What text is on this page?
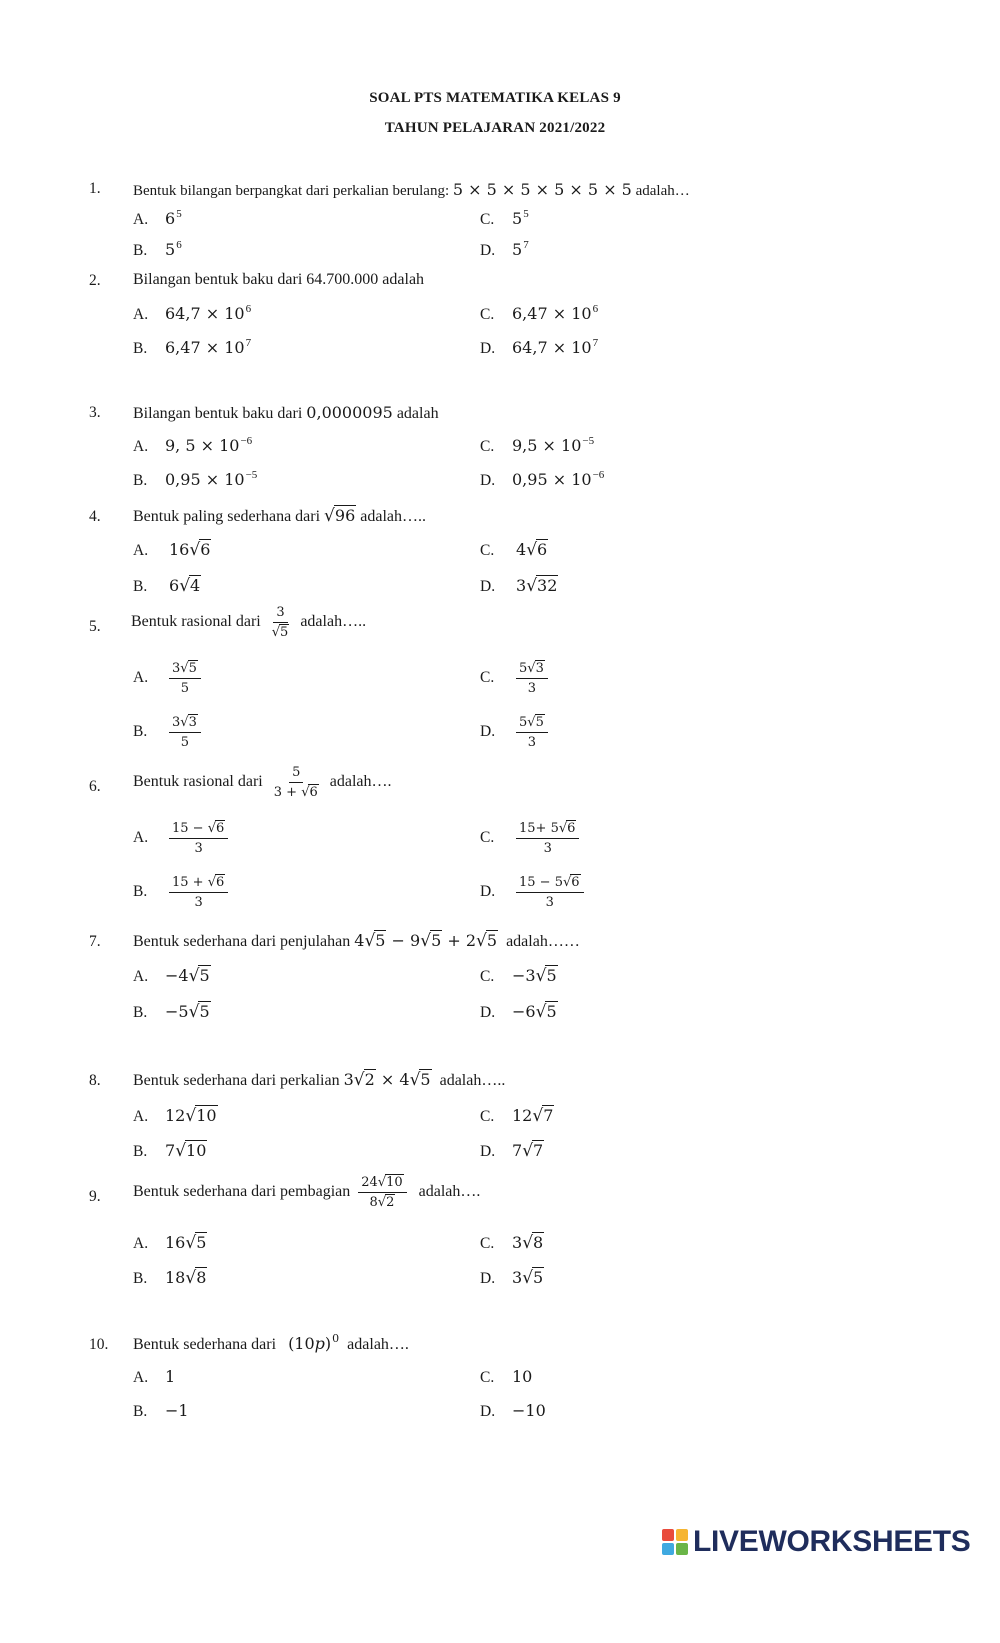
SOAL PTS MATEMATIKA KELAS 9
TAHUN PELAJARAN 2021/2022
1. Bentuk bilangan berpangkat dari perkalian berulang: 5 × 5 × 5 × 5 × 5 × 5 adalah…
A. $6^5$
B. $5^6$
C. $5^5$
D. $5^7$
2. Bilangan bentuk baku dari 64.700.000 adalah
A. $64,7 \times 10^6$
B. $6,47 \times 10^7$
C. $6,47 \times 10^6$
D. $64,7 \times 10^7$
3. Bilangan bentuk baku dari 0,0000095 adalah
A. 9, $5 \times 10^{-6}$
B. $0,95 \times 10^{-5}$
C. $9,5 \times 10^{-5}$
D. $0,95 \times 10^{-6}$
4. Bentuk paling sederhana dari √96 adalah…..
A. 16√6
B. 6√4
C. 4√6
D. 3√32
5. Bentuk rasional dari $\frac{3}{√5}$ adalah…..
A. $\frac{3√5}{5}$
B. $\frac{3√3}{5}$
C. $\frac{5√3}{3}$
D. $\frac{5√5}{3}$
6. Bentuk rasional dari $\frac{5}{3 + √6}$ adalah….
A. $\frac{15 - √6}{3}$
B. $\frac{15 + √6}{3}$
C. $\frac{15+ 5√6}{3}$
D. $\frac{15 - 5√6}{3}$
7. Bentuk sederhana dari penjulahan 4√5 − 9√5 + 2√5 adalah……
A. −4√5
B. −5√5
C. −3√5
D. −6√5
8. Bentuk sederhana dari perkalian 3√2 × 4√5 adalah…..
A. 12√10
B. 7√10
C. 12√7
D. 7√7
9. Bentuk sederhana dari pembagian $\frac{24√10}{8√2}$ adalah….
A. 16√5
B. 18√8
C. 3√8
D. 3√5
10. Bentuk sederhana dari $(10p)^0$ adalah….
A. 1
B. −1
C. 10
D. −10
LIVEWORKSHEETS
